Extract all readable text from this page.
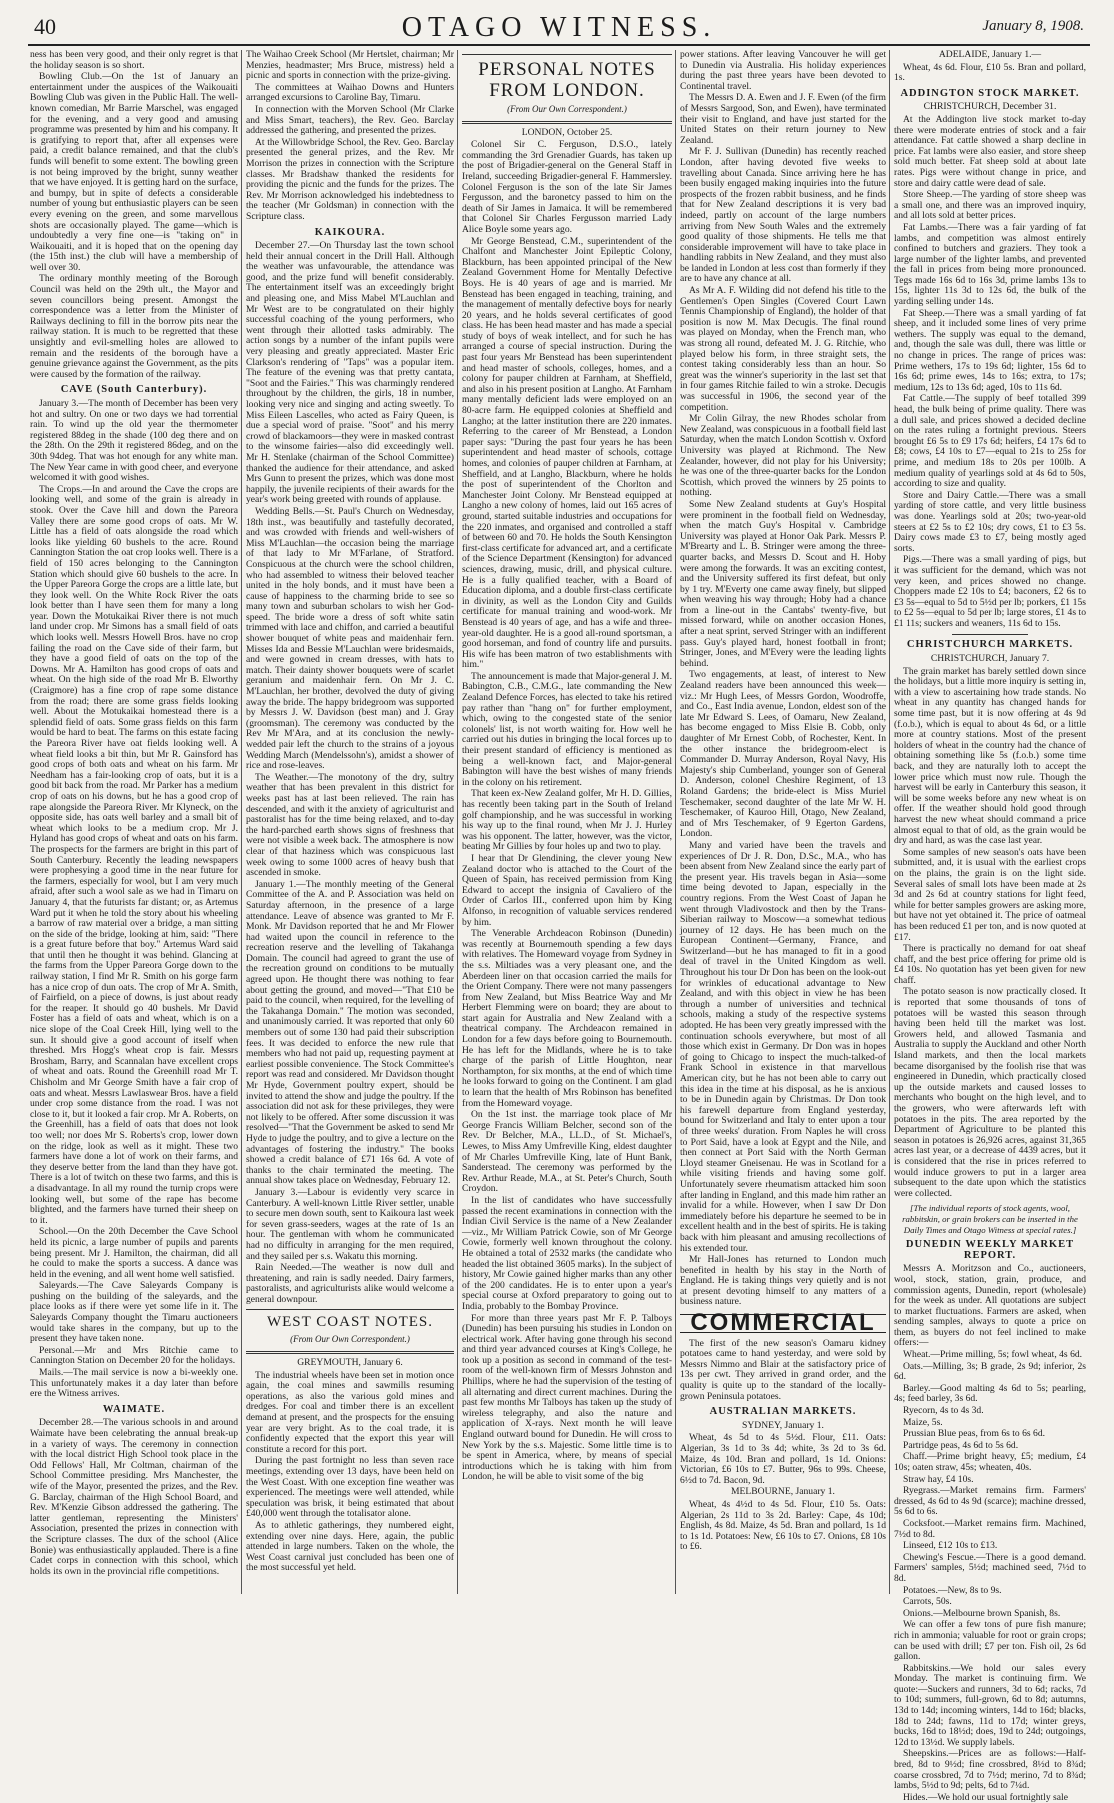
40	OTAGO WITNESS.	January 8, 1908.

ness has been very good, and their only regret is that the holiday season is so short.

Bowling Club.—On the 1st of January an entertainment under the auspices of the Waikouaiti Bowling Club was given in the Public Hall. The well-known comedian, Mr Barrie Marschel, was engaged for the evening, and a very good and amusing programme was presented by him and his company. It is gratifying to report that, after all expenses were paid, a credit balance remained, and that the club's funds will benefit to some extent. The bowling green is not being improved by the bright, sunny weather that we have enjoyed. It is getting hard on the surface, and bumpy, but in spite of defects a considerable number of young but enthusiastic players can be seen every evening on the green, and some marvellous shots are occasionally played. The game—which is undoubtedly a very fine one—is "taking on" in Waikouaiti, and it is hoped that on the opening day (the 15th inst.) the club will have a membership of well over 30.

The ordinary monthly meeting of the Borough Council was held on the 29th ult., the Mayor and seven councillors being present. Amongst the correspondence was a letter from the Minister of Railways declining to fill in the borrow pits near the railway station. It is much to be regretted that these unsightly and evil-smelling holes are allowed to remain and the residents of the borough have a genuine grievance against the Government, as the pits were caused by the formation of the railway.

CAVE (South Canterbury).

January 3.—The month of December has been very hot and sultry. On one or two days we had torrential rain. To wind up the old year the thermometer registered 88deg in the shade (100 deg there and on the 28th. On the 29th it registered 86deg, and on the 30th 94deg. That was hot enough for any white man. The New Year came in with good cheer, and everyone welcomed it with good wishes.

The Crops.—In and around the Cave the crops are looking well, and some of the grain is already in stook. Over the Cave hill and down the Pareora Valley there are some good crops of oats. Mr W. Little has a field of oats alongside the road which looks like yielding 60 bushels to the acre. Round Cannington Station the oat crop looks well. There is a field of 150 acres belonging to the Cannington Station which should give 60 bushels to the acre. In the Upper Pareora Gorge the crops are a little late, but they look well. On the White Rock River the oats look better than I have seen them for many a long year. Down the Motukaikai River there is not much land under crop. Mr Simons has a small field of oats which looks well. Messrs Howell Bros. have no crop failing the road on the Cave side of their farm, but they have a good field of oats on the top of the Downs. Mr A. Hamilton has good crops of oats and wheat. On the high side of the road Mr B. Elworthy (Craigmore) has a fine crop of rape some distance from the road; there are some grass fields looking well. About the Motukaikai homestead there is a splendid field of oats. Some grass fields on this farm would be hard to beat. The farms on this estate facing the Pareora River have oat fields looking well. A wheat field looks a bit thin, but Mr R. Gainsford has good crops of both oats and wheat on his farm. Mr Needham has a fair-looking crop of oats, but it is a good bit back from the road. Mr Parker has a medium crop of oats on his downs, but he has a good crop of rape alongside the Pareora River. Mr Klyneck, on the opposite side, has oats well barley and a small bit of wheat which looks to be a medium crop. Mr J. Hyland has good crops of wheat and oats on his farm. The prospects for the farmers are bright in this part of South Canterbury. Recently the leading newspapers were prophesying a good time in the near future for the farmers, especially for wool, but I am very much afraid, after such a wool sale as we had in Timaru on January 4, that the futurists far distant; or, as Artemus Ward put it when he told the story about his wheeling a barrow of raw material over a bridge, a man sitting on the side of the bridge, looking at him, said: "There is a great future before that boy." Artemus Ward said that until then he thought it was behind. Glancing at the farms from the Upper Pareora Gorge down to the railway station, I find Mr R. Smith on his gorge farm has a nice crop of dun oats. The crop of Mr A. Smith, of Fairfield, on a piece of downs, is just about ready for the reaper. It should go 40 bushels. Mr David Foster has a field of oats and wheat, which is on a nice slope of the Coal Creek Hill, lying well to the sun. It should give a good account of itself when threshed. Mrs Hogg's wheat crop is fair. Messrs Brosham, Barry, and Scannalan have excellent crops of wheat and oats. Round the Greenhill road Mr T. Chisholm and Mr George Smith have a fair crop of oats and wheat. Messrs Lawlaswear Bros. have a field under crop some distance from the road. I was not close to it, but it looked a fair crop. Mr A. Roberts, on the Greenhill, has a field of oats that does not look too well; nor does Mr S. Roberts's crop, lower down on the ridge, look as well as it might. These two farmers have done a lot of work on their farms, and they deserve better from the land than they have got. There is a lot of twitch on these two farms, and this is a disadvantage. In all my round the turnip crops were looking well, but some of the rape has become blighted, and the farmers have turned their sheep on to it.

School.—On the 20th December the Cave School held its picnic, a large number of pupils and parents being present. Mr J. Hamilton, the chairman, did all he could to make the sports a success. A dance was held in the evening, and all went home well satisfied.

Saleyards.—The Cave Saleyards Company is pushing on the building of the saleyards, and the place looks as if there were yet some life in it. The Saleyards Company thought the Timaru auctioneers would take shares in the company, but up to the present they have taken none.

Personal.—Mr and Mrs Ritchie came to Cannington Station on December 20 for the holidays.

Mails.—The mail service is now a bi-weekly one. This unfortunately makes it a day later than before ere the Witness arrives.

WAIMATE.

December 28.—The various schools in and around Waimate have been celebrating the annual break-up in a variety of ways. The ceremony in connection with the local district High School took place in the Odd Fellows' Hall, Mr Coltman, chairman of the School Committee presiding. Mrs Manchester, the wife of the Mayor, presented the prizes, and the Rev. G. Barclay, chairman of the High School Board, and Rev. M'Kenzie Gibson addressed the gathering. The latter gentleman, representing the Ministers' Association, presented the prizes in connection with the Scripture classes. The dux of the school (Alice Bonie) was enthusiastically applauded. There is a fine Cadet corps in connection with this school, which holds its own in the provincial rifle competitions.

The Waihao Creek School (Mr Hertslet, chairman; Mr Menzies, headmaster; Mrs Bruce, mistress) held a picnic and sports in connection with the prize-giving.

The committees at Waihao Downs and Hunters arranged excursions to Caroline Bay, Timaru.

In connection with the Morven School (Mr Clarke and Miss Smart, teachers), the Rev. Geo. Barclay addressed the gathering, and presented the prizes.

At the Willowbridge School, the Rev. Geo. Barclay presented the general prizes, and the Rev. Mr Morrison the prizes in connection with the Scripture classes. Mr Bradshaw thanked the residents for providing the picnic and the funds for the prizes. The Rev. Mr Morrison acknowledged his indebtedness to the teacher (Mr Goldsman) in connection with the Scripture class.

KAIKOURA.

December 27.—On Thursday last the town school held their annual concert in the Drill Hall. Although the weather was unfavourable, the attendance was good, and the prize fund will benefit considerably. The entertainment itself was an exceedingly bright and pleasing one, and Miss Mabel M'Lauchlan and Mr West are to be congratulated on their highly successful coaching of the young performers, who went through their allotted tasks admirably. The action songs by a number of the infant pupils were very pleasing and greatly appreciated. Master Eric Clarkson's rendering of "Taps" was a popular item. The feature of the evening was that pretty cantata, "Soot and the Fairies." This was charmingly rendered throughout by the children, the girls, 18 in number, looking very nice and singing and acting sweetly. To Miss Eileen Lascelles, who acted as Fairy Queen, is due a special word of praise. "Soot" and his merry crowd of blackamoors—they were in masked contrast to the winsome fairies—also did exceedingly well. Mr H. Stenlake (chairman of the School Committee) thanked the audience for their attendance, and asked Mrs Gunn to present the prizes, which was done most happily, the juvenile recipients of their awards for the year's work being greeted with rounds of applause.

Wedding Bells.—St. Paul's Church on Wednesday, 18th inst., was beautifully and tastefully decorated, and was crowded with friends and well-wishers of Miss M'Lauchlan—the occasion being the marriage of that lady to Mr M'Farlane, of Stratford. Conspicuous at the church were the school children, who had assembled to witness their beloved teacher united in the holy bonds, and it must have been a cause of happiness to the charming bride to see so many town and suburban scholars to wish her God-speed. The bride wore a dress of soft white satin trimmed with lace and chiffon, and carried a beautiful shower bouquet of white peas and maidenhair fern. Misses Ida and Bessie M'Lauchlan were bridesmaids, and were gowned in cream dresses, with hats to match. Their dainty shower bouquets were of scarlet geranium and maidenhair fern. On Mr J. C. M'Lauchlan, her brother, devolved the duty of giving away the bride. The happy bridegroom was supported by Messrs J. W. Davidson (best man) and J. Gray (groomsman). The ceremony was conducted by the Rev Mr M'Ara, and at its conclusion the newly-wedded pair left the church to the strains of a joyous Wedding March (Mendelssohn's), amidst a shower of rice and rose-leaves.

The Weather.—The monotony of the dry, sultry weather that has been prevalent in this district for weeks past has at last been relieved. The rain has descended, and with it the anxiety of agriculturist and pastoralist has for the time being relaxed, and to-day the hard-parched earth shows signs of freshness that were not visible a week back. The atmosphere is now clear of that haziness which was conspicuous last week owing to some 1000 acres of heavy bush that ascended in smoke.

January 1.—The monthly meeting of the General Committee of the A. and P. Association was held on Saturday afternoon, in the presence of a large attendance. Leave of absence was granted to Mr F. Monk. Mr Davidson reported that he and Mr Flower had waited upon the council in reference to the recreation reserve and the levelling of Takahanga Domain. The council had agreed to grant the use of the recreation ground on conditions to be mutually agreed upon. He thought there was nothing to fear about getting the ground, and moved—"That £10 be paid to the council, when required, for the levelling of the Takahanga Domain." The motion was seconded, and unanimously carried. It was reported that only 60 members out of some 130 had paid their subscription fees. It was decided to enforce the new rule that members who had not paid up, requesting payment at earliest possible convenience. The Stock Committee's report was read and considered. Mr Davidson thought Mr Hyde, Government poultry expert, should be invited to attend the show and judge the poultry. If the association did not ask for these privileges, they were not likely to be offered. After some discussion it was resolved—"That the Government be asked to send Mr Hyde to judge the poultry, and to give a lecture on the advantages of fostering the industry." The books showed a credit balance of £71 16s 6d. A vote of thanks to the chair terminated the meeting. The annual show takes place on Wednesday, February 12.

January 3.—Labour is evidently very scarce in Canterbury. A well-known Little River settler, unable to secure men down south, sent to Kaikoura last week for seven grass-seeders, wages at the rate of 1s an hour. The gentleman with whom he communicated had no difficulty in arranging for the men required, and they sailed per s.s. Wakatu this morning.

Rain Needed.—The weather is now dull and threatening, and rain is sadly needed. Dairy farmers, pastoralists, and agriculturists alike would welcome a general downpour.

WEST COAST NOTES.
(From Our Own Correspondent.)
GREYMOUTH, January 6.

The industrial wheels have been set in motion once again, the coal mines and sawmills resuming operations, as also the various gold mines and dredges. For coal and timber there is an excellent demand at present, and the prospects for the ensuing year are very bright. As to the coal trade, it is confidently expected that the export this year will constitute a record for this port.

During the past fortnight no less than seven race meetings, extending over 13 days, have been held on the West Coast. With one exception fine weather was experienced. The meetings were well attended, while speculation was brisk, it being estimated that about £40,000 went through the totalisator alone.

As to athletic gatherings, they numbered eight, extending over nine days. Here, again, the public attended in large numbers. Taken on the whole, the West Coast carnival just concluded has been one of the most successful yet held.

PERSONAL NOTES FROM LONDON.
(From Our Own Correspondent.)
LONDON, October 25.

Colonel Sir C. Ferguson, D.S.O., lately commanding the 3rd Grenadier Guards, has taken up the post of Brigadier-general on the General Staff in Ireland, succeeding Brigadier-general F. Hammersley. Colonel Ferguson is the son of the late Sir James Fergusson, and the baronetcy passed to him on the death of Sir James in Jamaica. It will be remembered that Colonel Sir Charles Fergusson married Lady Alice Boyle some years ago.

Mr George Benstead, C.M., superintendent of the Chalfont and Manchester Joint Epileptic Colony, Blackburn, has been appointed principal of the New Zealand Government Home for Mentally Defective Boys. He is 40 years of age and is married. Mr Benstead has been engaged in teaching, training, and the management of mentally defective boys for nearly 20 years, and he holds several certificates of good class. He has been head master and has made a special study of boys of weak intellect, and for such he has arranged a course of special instruction. During the past four years Mr Benstead has been superintendent and head master of schools, colleges, homes, and a colony for pauper children at Farnham, at Sheffield, and also in his present position at Langho. At Farnham many mentally deficient lads were employed on an 80-acre farm. He equipped colonies at Sheffield and Langho; at the latter institution there are 220 inmates. Referring to the career of Mr Benstead, a London paper says: "During the past four years he has been superintendent and head master of schools, cottage homes, and colonies of pauper children at Farnham, at Sheffield, and at Langho, Blackburn, where he holds the post of superintendent of the Chorlton and Manchester Joint Colony. Mr Benstead equipped at Langho a new colony of homes, laid out 165 acres of ground, started suitable industries and occupations for the 220 inmates, and organised and controlled a staff of between 60 and 70. He holds the South Kensington first-class certificate for advanced art, and a certificate of the Science Department (Kensington) for advanced sciences, drawing, music, drill, and physical culture. He is a fully qualified teacher, with a Board of Education diploma, and a double first-class certificate in divinity, as well as the London City and Guilds certificate for manual training and wood-work. Mr Benstead is 40 years of age, and has a wife and three-year-old daughter. He is a good all-round sportsman, a good horseman, and fond of country life and pursuits. His wife has been matron of two establishments with him."

The announcement is made that Major-general J. M. Babington, C.B., C.M.G., late commanding the New Zealand Defence Forces, has elected to take his retired pay rather than "hang on" for further employment, which, owing to the congested state of the senior colonels' list, is not worth waiting for. How well he carried out his duties in bringing the local forces up to their present standard of efficiency is mentioned as being a well-known fact, and Major-general Babington will have the best wishes of many friends in the colony on his retirement.

That keen ex-New Zealand golfer, Mr H. D. Gillies, has recently been taking part in the South of Ireland golf championship, and he was successful in working his way up to the final round, when Mr J. J. Hurley was his opponent. The latter, however, was the victor, beating Mr Gillies by four holes up and two to play.

I hear that Dr Glendining, the clever young New Zealand doctor who is attached to the Court of the Queen of Spain, has received permission from King Edward to accept the insignia of Cavaliero of the Order of Carlos III., conferred upon him by King Alfonso, in recognition of valuable services rendered by him.

The Venerable Archdeacon Robinson (Dunedin) was recently at Bournemouth spending a few days with relatives. The Homeward voyage from Sydney in the s.s. Miltiades was a very pleasant one, and the Aberdeen liner on that occasion carried the mails for the Orient Company. There were not many passengers from New Zealand, but Miss Beatrice Way and Mr Herbert Flemming were on board; they are about to start again for Australia and New Zealand with a theatrical company. The Archdeacon remained in London for a few days before going to Bournemouth. He has left for the Midlands, where he is to take charge of the parish of Little Houghton, near Northampton, for six months, at the end of which time he looks forward to going on the Continent. I am glad to learn that the health of Mrs Robinson has benefited from the Homeward voyage.

On the 1st inst. the marriage took place of Mr George Francis William Belcher, second son of the Rev. Dr Belcher, M.A., LL.D., of St. Michael's, Lewes, to Miss Amy Umfreville King, eldest daughter of Mr Charles Umfreville King, late of Hunt Bank, Sanderstead. The ceremony was performed by the Rev. Arthur Reade, M.A., at St. Peter's Church, South Croydon.

In the list of candidates who have successfully passed the recent examinations in connection with the Indian Civil Service is the name of a New Zealander—viz., Mr William Patrick Cowie, son of Mr George Cowie, formerly well known throughout the colony. He obtained a total of 2532 marks (the candidate who headed the list obtained 3605 marks). In the subject of history, Mr Cowie gained higher marks than any other of the 200 candidates. He is to enter upon a year's special course at Oxford preparatory to going out to India, probably to the Bombay Province.

For more than three years past Mr F. P. Talboys (Dunedin) has been pursuing his studies in London on electrical work. After having gone through his second and third year advanced courses at King's College, he took up a position as second in command of the test-room of the well-known firm of Messrs Johnston and Phillips, where he had the supervision of the testing of all alternating and direct current machines. During the past few months Mr Talboys has taken up the study of wireless telegraphy, and also the nature and application of X-rays. Next month he will leave England outward bound for Dunedin. He will cross to New York by the s.s. Majestic. Some little time is to be spent in America, where, by means of special introductions which he is taking with him from London, he will be able to visit some of the big

power stations. After leaving Vancouver he will get to Dunedin via Australia. His holiday experiences during the past three years have been devoted to Continental travel.

The Messrs D. A. Ewen and J. F. Ewen (of the firm of Messrs Sargood, Son, and Ewen), have terminated their visit to England, and have just started for the United States on their return journey to New Zealand.

Mr F. J. Sullivan (Dunedin) has recently reached London, after having devoted five weeks to travelling about Canada. Since arriving here he has been busily engaged making inquiries into the future prospects of the frozen rabbit business, and he finds that for New Zealand descriptions it is very bad indeed, partly on account of the large numbers arriving from New South Wales and the extremely good quality of those shipments. He tells me that considerable improvement will have to take place in handling rabbits in New Zealand, and they must also be landed in London at less cost than formerly if they are to have any chance at all.

As Mr A. F. Wilding did not defend his title to the Gentlemen's Open Singles (Covered Court Lawn Tennis Championship of England), the holder of that position is now M. Max Decugis. The final round was played on Monday, when the French man, who was strong all round, defeated M. J. G. Ritchie, who played below his form, in three straight sets, the contest taking considerably less than an hour. So great was the winner's superiority in the last set that in four games Ritchie failed to win a stroke. Decugis was successful in 1906, the second year of the competition.

Mr Colin Gilray, the new Rhodes scholar from New Zealand, was conspicuous in a football field last Saturday, when the match London Scottish v. Oxford University was played at Richmond. The New Zealander, however, did not play for his University; he was one of the three-quarter backs for the London Scottish, which proved the winners by 25 points to nothing.

Some New Zealand students at Guy's Hospital were prominent in the football field on Wednesday, when the match Guy's Hospital v. Cambridge University was played at Honor Oak Park. Messrs P. M'Brearty and L. B. Stringer were among the three-quarter backs, and Messrs D. Scout and H. Hoby were among the forwards. It was an exciting contest, and the University suffered its first defeat, but only by 1 try. M'Everty one came away finely, but slipped when weaving his way through; Hoby had a chance from a line-out in the Cantabs' twenty-five, but missed forward, while on another occasion Hones, after a neat sprint, served Stringer with an indifferent pass. Guy's played hard, honest football in front; Stringer, Jones, and M'Every were the leading lights behind.

Two engagements, at least, of interest to New Zealand readers have been announced this week—viz.: Mr Hugh Lees, of Messrs Gordon, Woodroffe, and Co., East India avenue, London, eldest son of the late Mr Edward S. Lees, of Oamaru, New Zealand, has become engaged to Miss Elsie B. Cobb, only daughter of Mr Ernest Cobb, of Rochester, Kent. In the other instance the bridegroom-elect is Commander D. Murray Anderson, Royal Navy, His Majesty's ship Cumberland, younger son of General D. Anderson, colonel Cheshire Regiment, of 13 Roland Gardens; the bride-elect is Miss Muriel Teschemaker, second daughter of the late Mr W. H. Teschemaker, of Kauroo Hill, Otago, New Zealand, and of Mrs Teschemaker, of 9 Egerton Gardens, London.

Many and varied have been the travels and experiences of Dr J. R. Don, D.Sc., M.A., who has been absent from New Zealand since the early part of the present year. His travels began in Asia—some time being devoted to Japan, especially in the country regions. From the West Coast of Japan he went through Vladivostock and then by the Trans-Siberian railway to Moscow—a somewhat tedious journey of 12 days. He has been much on the European Continent—Germany, France, and Switzerland—but he has managed to fit in a good deal of travel in the United Kingdom as well. Throughout his tour Dr Don has been on the look-out for wrinkles of educational advantage to New Zealand, and with this object in view he has been through a number of universities and technical schools, making a study of the respective systems adopted. He has been very greatly impressed with the continuation schools everywhere, but most of all those which exist in Germany. Dr Don was in hopes of going to Chicago to inspect the much-talked-of Frank School in existence in that marvellous American city, but he has not been able to carry out this idea in the time at his disposal, as he is anxious to be in Dunedin again by Christmas. Dr Don took his farewell departure from England yesterday, bound for Switzerland and Italy to enter upon a tour of three weeks' duration. From Naples he will cross to Port Said, have a look at Egypt and the Nile, and then connect at Port Said with the North German Lloyd steamer Gneisenau. He was in Scotland for a while visiting friends and having some golf. Unfortunately severe rheumatism attacked him soon after landing in England, and this made him rather an invalid for a while. However, when I saw Dr Don immediately before his departure he seemed to be in excellent health and in the best of spirits. He is taking back with him pleasant and amusing recollections of his extended tour.

Mr Hall-Jones has returned to London much benefited in health by his stay in the North of England. He is taking things very quietly and is not at present devoting himself to any matters of a business nature.

COMMERCIAL

The first of the new season's Oamaru kidney potatoes came to hand yesterday, and were sold by Messrs Nimmo and Blair at the satisfactory price of 13s per cwt. They arrived in grand order, and the quality is quite up to the standard of the locally-grown Peninsula potatoes.

AUSTRALIAN MARKETS.
SYDNEY, January 1.

Wheat, 4s 5d to 4s 5½d. Flour, £11. Oats: Algerian, 3s 1d to 3s 4d; white, 3s 2d to 3s 6d. Maize, 4s 10d. Bran and pollard, 1s 1d. Onions: Victorian, £6 10s to £7. Butter, 96s to 99s. Cheese, 6½d to 7d. Bacon, 9d.

MELBOURNE, January 1.

Wheat, 4s 4½d to 4s 5d. Flour, £10 5s. Oats: Algerian, 2s 11d to 3s 2d. Barley: Cape, 4s 10d; English, 4s 8d. Maize, 4s 5d. Bran and pollard, 1s 1d to 1s 1d. Potatoes: New, £6 10s to £7. Onions, £8 10s to £6.

ADELAIDE, January 1.—

Wheat, 4s 6d. Flour, £10 5s. Bran and pollard, 1s.

ADDINGTON STOCK MARKET.
CHRISTCHURCH, December 31.

At the Addington live stock market to-day there were moderate entries of stock and a fair attendance. Fat cattle showed a sharp decline in price. Fat lambs were also easier, and store sheep sold much better. Fat sheep sold at about late rates. Pigs were without change in price, and store and dairy cattle were dead of sale.

Store Sheep.—The yarding of store sheep was a small one, and there was an improved inquiry, and all lots sold at better prices.

Fat Lambs.—There was a fair yarding of fat lambs, and competition was almost entirely confined to butchers and graziers. They took a large number of the lighter lambs, and prevented the fall in prices from being more pronounced. Tegs made 16s 6d to 16s 3d, prime lambs 13s to 15s, lighter 11s 3d to 12s 6d, the bulk of the yarding selling under 14s.

Fat Sheep.—There was a small yarding of fat sheep, and it included some lines of very prime wethers. The supply was equal to the demand, and, though the sale was dull, there was little or no change in prices. The range of prices was: Prime wethers, 17s to 19s 6d; lighter, 15s 6d to 16s 6d; prime ewes, 14s to 16s; extra, to 17s; medium, 12s to 13s 6d; aged, 10s to 11s 6d.

Fat Cattle.—The supply of beef totalled 399 head, the bulk being of prime quality. There was a dull sale, and prices showed a decided decline on the rates ruling a fortnight previous. Steers brought £6 5s to £9 17s 6d; heifers, £4 17s 6d to £8; cows, £4 10s to £7—equal to 21s to 25s for prime, and medium 18s to 20s per 100lb. A medium quality of yearlings sold at 4s 6d to 50s, according to size and quality.

Store and Dairy Cattle.—There was a small yarding of store cattle, and very little business was done. Yearlings sold at 20s; two-year-old steers at £2 5s to £2 10s; dry cows, £1 to £3 5s. Dairy cows made £3 to £7, being mostly aged sorts.

Pigs.—There was a small yarding of pigs, but it was sufficient for the demand, which was not very keen, and prices showed no change. Choppers made £2 10s to £4; baconers, £2 6s to £3 5s—equal to 5d to 5½d per lb; porkers, £1 15s to £2 5s—equal to 5d per lb; large stores, £1 4s to £1 11s; suckers and weaners, 11s 6d to 15s.

CHRISTCHURCH MARKETS.
CHRISTCHURCH, January 7.

The grain market has barely settled down since the holidays, but a little more inquiry is setting in, with a view to ascertaining how trade stands. No wheat in any quantity has changed hands for some time past, but it is now offering at 4s 9d (f.o.b.), which is equal to about 4s 6d, or a little more at country stations. Most of the present holders of wheat in the country had the chance of obtaining something like 5s (f.o.b.) some time back, and they are naturally loth to accept the lower price which must now rule. Though the harvest will be early in Canterbury this season, it will be some weeks before any new wheat is on offer. If the weather should hold good through harvest the new wheat should command a price almost equal to that of old, as the grain would be dry and hard, as was the case last year.

Some samples of new season's oats have been submitted, and, it is usual with the earliest crops on the plains, the grain is on the light side. Several sales of small lots have been made at 2s 3d and 2s 6d at country stations for light feed, while for better samples growers are asking more, but have not yet obtained it. The price of oatmeal has been reduced £1 per ton, and is now quoted at £17.

There is practically no demand for oat sheaf chaff, and the best price offering for prime old is £4 10s. No quotation has yet been given for new chaff.

The potato season is now practically closed. It is reported that some thousands of tons of potatoes will be wasted this season through having been held till the market was lost. Growers held, and allowed Tasmania and Australia to supply the Auckland and other North Island markets, and then the local markets became disorganised by the foolish rise that was engineered in Dunedin, which practically closed up the outside markets and caused losses to merchants who bought on the high level, and to the growers, who were afterwards left with potatoes in the pits. The area reported by the Department of Agriculture to be planted this season in potatoes is 26,926 acres, against 31,365 acres last year, or a decrease of 4439 acres, but it is considered that the rise in prices referred to would induce growers to put in a larger area subsequent to the date upon which the statistics were collected.

[The individual reports of stock agents, wool, rabbitskin, or grain brokers can be inserted in the Daily Times and Otago Witness at special rates.]
DUNEDIN WEEKLY MARKET REPORT.

Messrs A. Moritzson and Co., auctioneers, wool, stock, station, grain, produce, and commission agents, Dunedin, report (wholesale) for the week as under. All quotations are subject to market fluctuations. Farmers are asked, when sending samples, always to quote a price on them, as buyers do not feel inclined to make offers:—

Wheat.—Prime milling, 5s; fowl wheat, 4s 6d.

Oats.—Milling, 3s; B grade, 2s 9d; inferior, 2s 6d.

Barley.—Good malting 4s 6d to 5s; pearling, 4s; feed barley, 3s 6d.

Ryecorn, 4s to 4s 3d.

Maize, 5s.

Prussian Blue peas, from 6s to 6s 6d.

Partridge peas, 4s 6d to 5s 6d.

Chaff.—Prime bright heavy, £5; medium, £4 10s; oaten straw, 45s; wheaten, 40s.

Straw hay, £4 10s.

Ryegrass.—Market remains firm. Farmers' dressed, 4s 6d to 4s 9d (scarce); machine dressed, 5s 6d to 6s.

Cocksfoot.—Market remains firm. Machined, 7½d to 8d.

Linseed, £12 10s to £13.

Chewing's Fescue.—There is a good demand. Farmers' samples, 5½d; machined seed, 7½d to 8d.

Potatoes.—New, 8s to 9s.

Carrots, 50s.

Onions.—Melbourne brown Spanish, 8s.

We can offer a few tons of pure fish manure; rich in ammonia; valuable for root or grain crops; can be used with drill; £7 per ton. Fish oil, 2s 6d gallon.

Rabbitskins.—We hold our sales every Monday. The market is continuing firm. We quote:—Suckers and runners, 3d to 6d; racks, 7d to 10d; summers, full-grown, 6d to 8d; autumns, 13d to 14d; incoming winters, 14d to 16d; blacks, 18d to 24d; fawns, 11d to 17d; winter greys, bucks, 16d to 18½d; does, 19d to 24d; outgoings, 12d to 13½d. We supply labels.

Sheepskins.—Prices are as follows:—Half-bred, 8d to 9½d; fine crossbred, 8½d to 8¾d; coarse crossbred, 7d to 7½d; merino, 7d to 8¾d; lambs, 5½d to 9d; pelts, 6d to 7¼d.

Hides.—We hold our usual fortnightly sale
